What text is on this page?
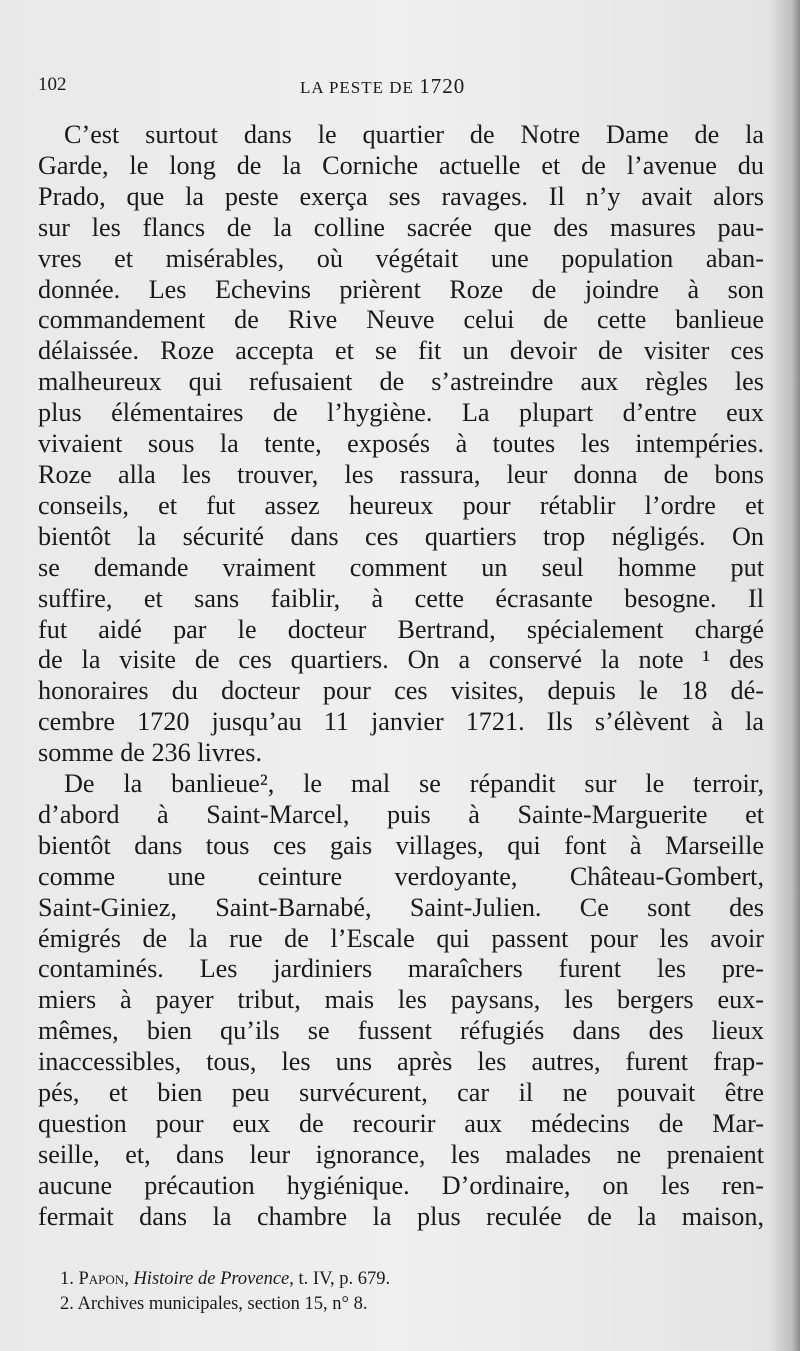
102	LA PESTE DE 1720
C’est surtout dans le quartier de Notre Dame de la
Garde, le long de la Corniche actuelle et de l’avenue du
Prado, que la peste exerça ses ravages. Il n’y avait alors
sur les flancs de la colline sacrée que des masures pau-
vres et misérables, où végétait une population aban-
donnée. Les Echevins prièrent Roze de joindre à son
commandement de Rive Neuve celui de cette banlieue
délaissée. Roze accepta et se fit un devoir de visiter ces
malheureux qui refusaient de s’astreindre aux règles les
plus élémentaires de l’hygiène. La plupart d’entre eux
vivaient sous la tente, exposés à toutes les intempéries.
Roze alla les trouver, les rassura, leur donna de bons
conseils, et fut assez heureux pour rétablir l’ordre et
bientôt la sécurité dans ces quartiers trop négligés. On
se demande vraiment comment un seul homme put
suffire, et sans faiblir, à cette écrasante besogne. Il
fut aidé par le docteur Bertrand, spécialement chargé
de la visite de ces quartiers. On a conservé la note ¹ des
honoraires du docteur pour ces visites, depuis le 18 dé-
cembre 1720 jusqu’au 11 janvier 1721. Ils s’élèvent à la
somme de 236 livres.
De la banlieue², le mal se répandit sur le terroir,
d’abord à Saint-Marcel, puis à Sainte-Marguerite et
bientôt dans tous ces gais villages, qui font à Marseille
comme une ceinture verdoyante, Château-Gombert,
Saint-Giniez, Saint-Barnabé, Saint-Julien. Ce sont des
émigrés de la rue de l’Escale qui passent pour les avoir
contaminés. Les jardiniers maraîchers furent les pre-
miers à payer tribut, mais les paysans, les bergers eux-
mêmes, bien qu’ils se fussent réfugiés dans des lieux
inaccessibles, tous, les uns après les autres, furent frap-
pés, et bien peu survécurent, car il ne pouvait être
question pour eux de recourir aux médecins de Mar-
seille, et, dans leur ignorance, les malades ne prenaient
aucune précaution hygiénique. D’ordinaire, on les ren-
fermait dans la chambre la plus reculée de la maison,
1. Papon, Histoire de Provence, t. IV, p. 679.
2. Archives municipales, section 15, n° 8.
